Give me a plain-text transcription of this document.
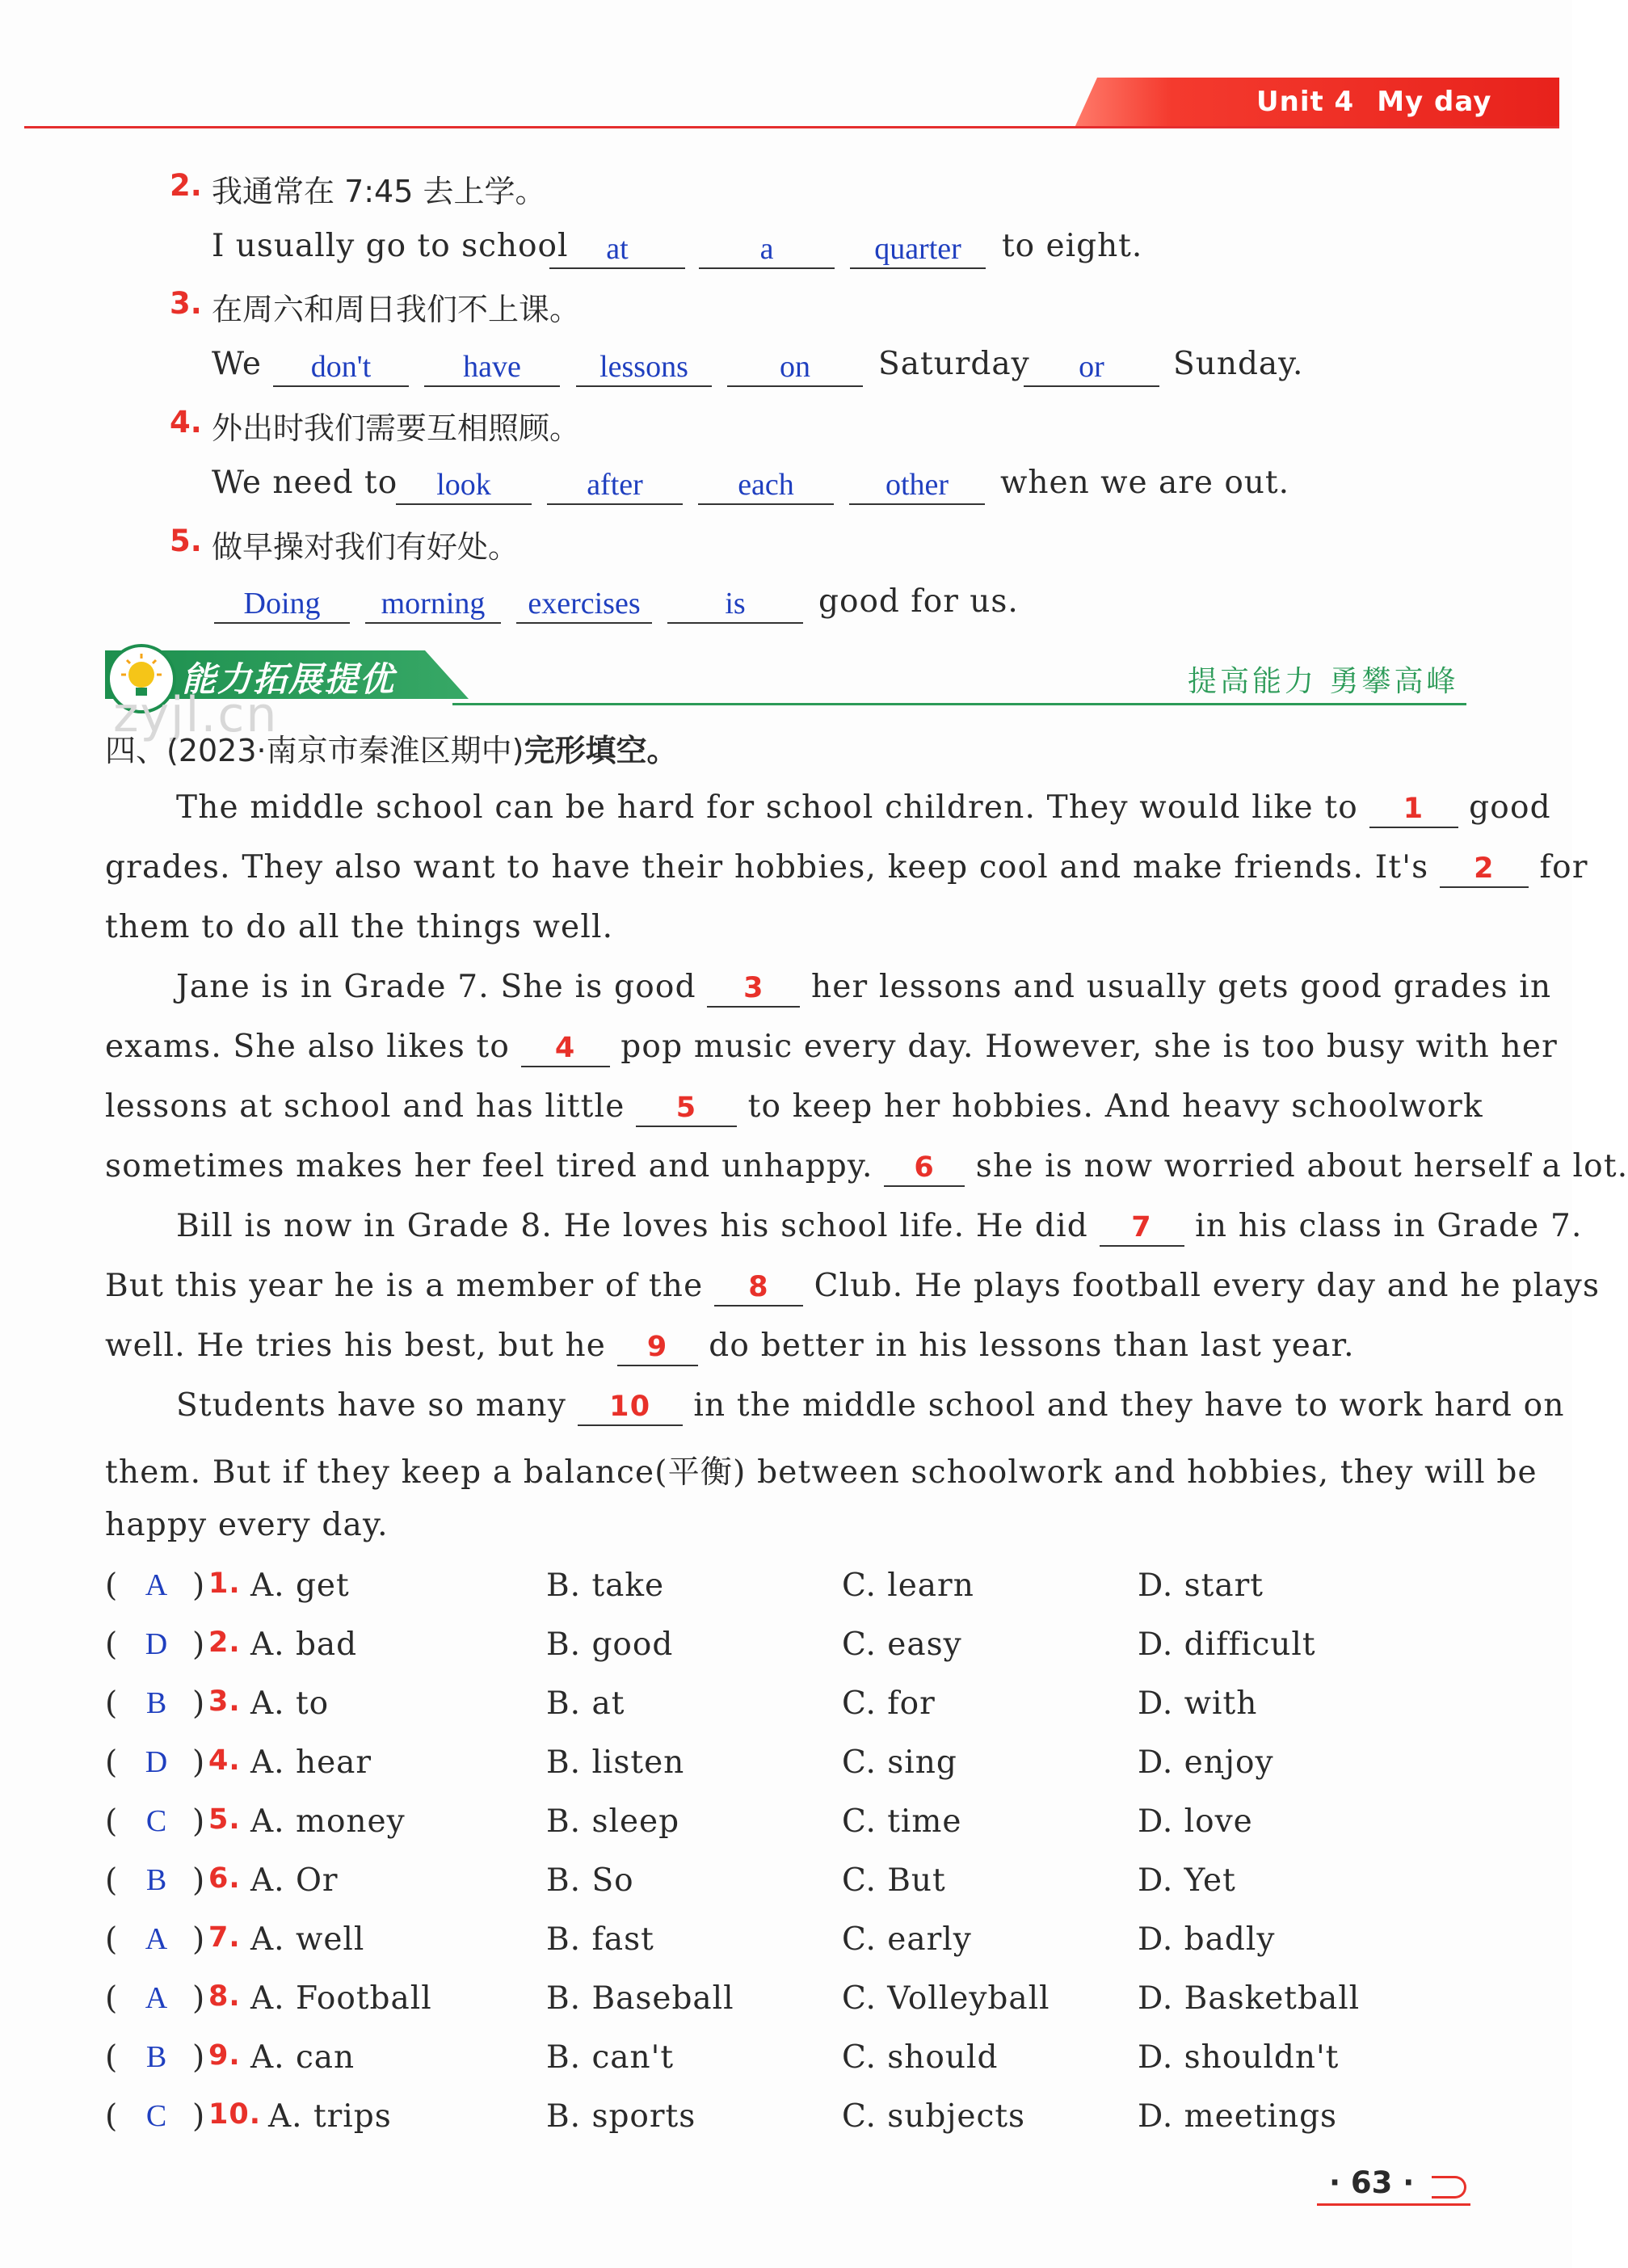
Unit 4 My day
2. 我通常在 7:45 去上学。
I usually go to school	at	a	quarter	to eight.
3. 在周六和周日我们不上课。
We	don't	have	lessons	on	Saturday	or	Sunday.
4. 外出时我们需要互相照顾。
We need to	look	after	each	other	when we are out.
5. 做早操对我们有好处。
Doing	morning	exercises	is	good for us.
能力拓展提优	提高能力 勇攀高峰
zyjl.cn
四、(2023·南京市秦淮区期中)完形填空。
The middle school can be hard for school children. They would like to 1 good
grades. They also want to have their hobbies, keep cool and make friends. It's 2 for
them to do all the things well.
Jane is in Grade 7. She is good 3 her lessons and usually gets good grades in
exams. She also likes to 4 pop music every day. However, she is too busy with her
lessons at school and has little 5 to keep her hobbies. And heavy schoolwork
sometimes makes her feel tired and unhappy. 6 she is now worried about herself a lot.
Bill is now in Grade 8. He loves his school life. He did 7 in his class in Grade 7.
But this year he is a member of the 8 Club. He plays football every day and he plays
well. He tries his best, but he 9 do better in his lessons than last year.
Students have so many 10 in the middle school and they have to work hard on
them. But if they keep a balance(平衡) between schoolwork and hobbies, they will be
happy every day.
( A ) 1. A. get	B. take	C. learn	D. start
( D ) 2. A. bad	B. good	C. easy	D. difficult
( B ) 3. A. to	B. at	C. for	D. with
( D ) 4. A. hear	B. listen	C. sing	D. enjoy
( C ) 5. A. money	B. sleep	C. time	D. love
( B ) 6. A. Or	B. So	C. But	D. Yet
( A ) 7. A. well	B. fast	C. early	D. badly
( A ) 8. A. Football	B. Baseball	C. Volleyball	D. Basketball
( B ) 9. A. can	B. can't	C. should	D. shouldn't
( C ) 10. A. trips	B. sports	C. subjects	D. meetings
· 63 ·
